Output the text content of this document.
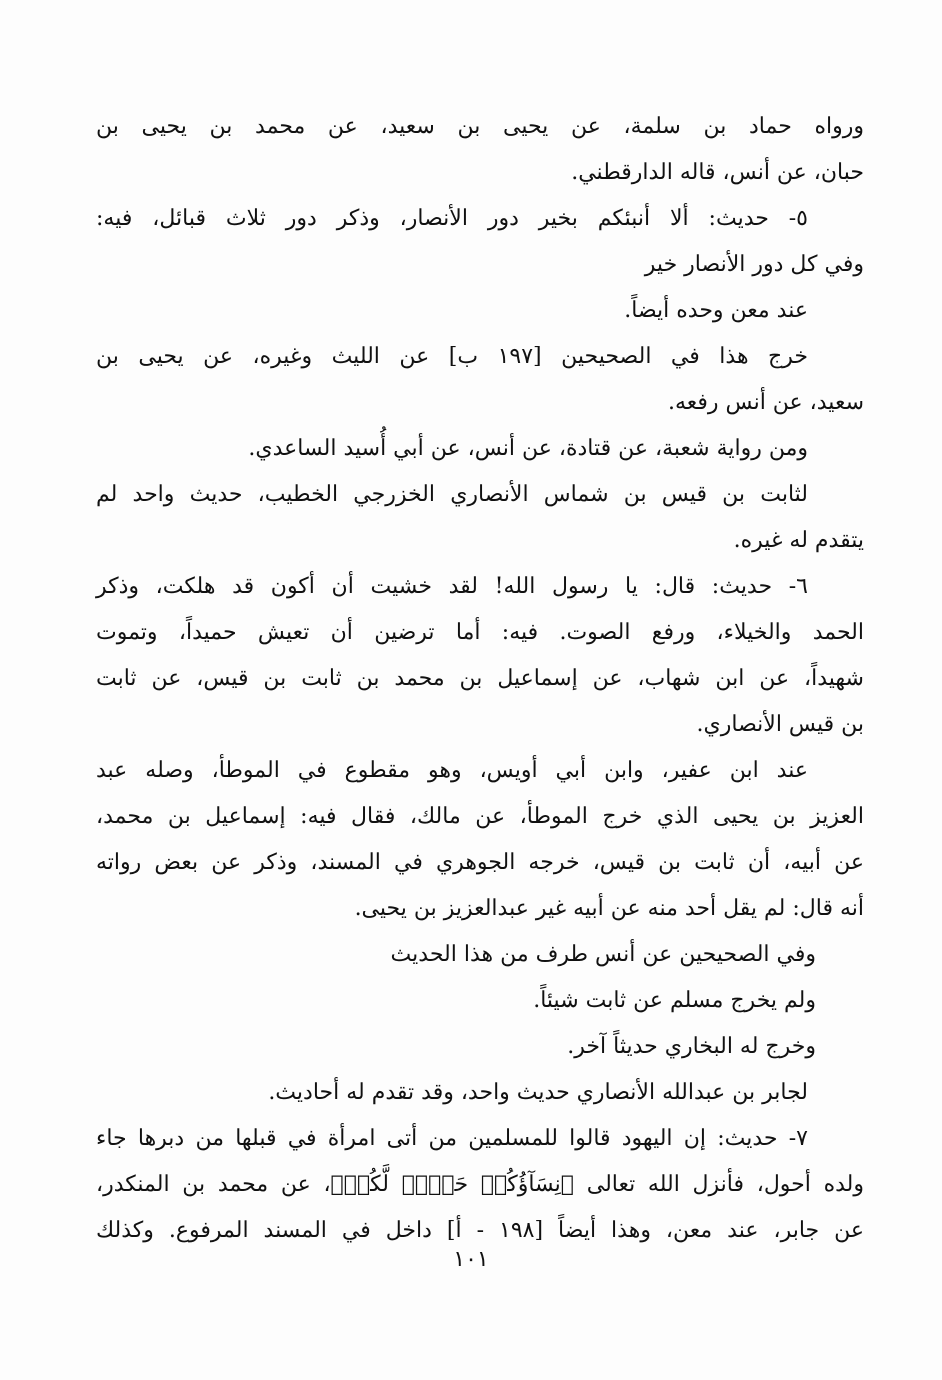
ورواه حماد بن سلمة، عن يحيى بن سعيد، عن محمد بن يحيى بن
حبان، عن أنس، قاله الدارقطني.
٥- حديث: ألا أنبئكم بخير دور الأنصار، وذكر دور ثلاث قبائل، فيه:
وفي كل دور الأنصار خير
عند معن وحده أيضاً.
خرج هذا في الصحيحين [١٩٧ ب] عن الليث وغيره، عن يحيى بن
سعيد، عن أنس رفعه.
ومن رواية شعبة، عن قتادة، عن أنس، عن أبي أُسيد الساعدي.
لثابت بن قيس بن شماس الأنصاري الخزرجي الخطيب، حديث واحد لم
يتقدم له غيره.
٦- حديث: قال: يا رسول الله! لقد خشيت أن أكون قد هلكت، وذكر
الحمد والخيلاء، ورفع الصوت. فيه: أما ترضين أن تعيش حميداً، وتموت
شهيداً، عن ابن شهاب، عن إسماعيل بن محمد بن ثابت بن قيس، عن ثابت
بن قيس الأنصاري.
عند ابن عفير، وابن أبي أويس، وهو مقطوع في الموطأ، وصله عبد
العزيز بن يحيى الذي خرج الموطأ، عن مالك، فقال فيه: إسماعيل بن محمد،
عن أبيه، أن ثابت بن قيس، خرجه الجوهري في المسند، وذكر عن بعض رواته
أنه قال: لم يقل أحد منه عن أبيه غير عبدالعزيز بن يحيى.
وفي الصحيحين عن أنس طرف من هذا الحديث
ولم يخرج مسلم عن ثابت شيئاً.
وخرج له البخاري حديثاً آخر.
لجابر بن عبدالله الأنصاري حديث واحد، وقد تقدم له أحاديث.
٧- حديث: إن اليهود قالوا للمسلمين من أتى امرأة في قبلها من دبرها جاء
ولده أحول، فأنزل الله تعالى ﴿نِسَآؤُكُمۡ حَرۡثٞ لَّكُمۡ﴾، عن محمد بن المنكدر،
عن جابر، عند معن، وهذا أيضاً [١٩٨ - أ] داخل في المسند المرفوع. وكذلك
١٠١
